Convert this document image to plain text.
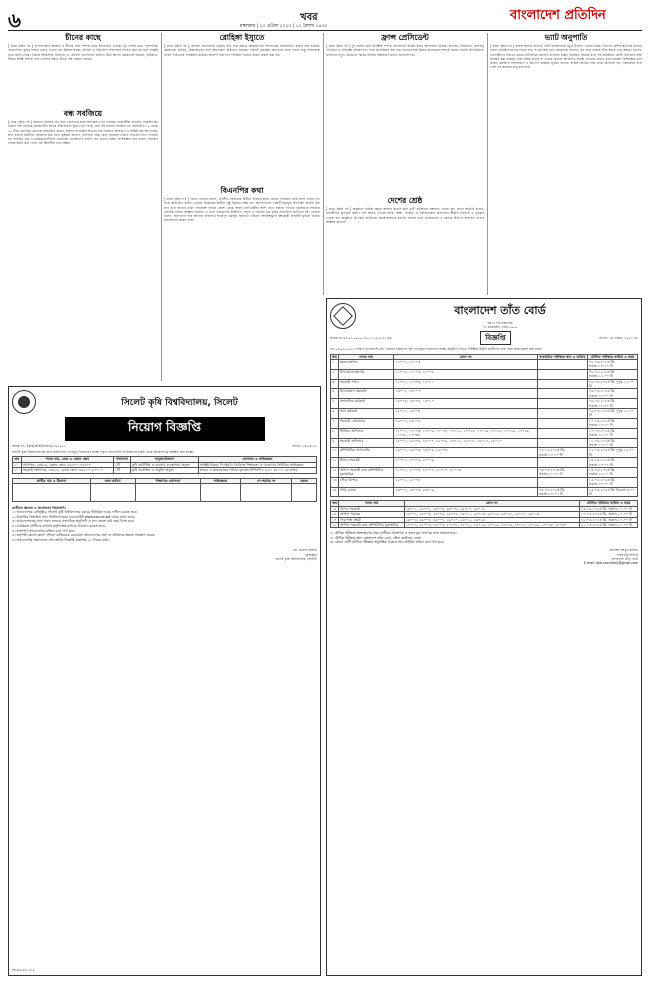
৬	খবর
মঙ্গলবার | ২৫ এপ্রিল ২০২৩ | ১২ বৈশাখ ১৪৩০
বাংলাদেশ প্রতিদিন
চীনের কাছে
[ প্রথম পৃষ্ঠার পর ] বাংলাদেশের অবস্থান ও চীনের সঙ্গে সম্পর্ক নিয়ে আলোচনা হয়েছে। দুই দেশের মধ্যে পারস্পরিক সহযোগিতা বৃদ্ধির বিষয়ে গুরুত্ব দেওয়া হয়। উন্নয়ন প্রকল্প, বাণিজ্য ও বিনিয়োগ সম্প্রসারণ নিয়েও কথা হয় বলে সংশ্লিষ্ট সূত্রে জানা গেছে। বৈঠকে আঞ্চলিক নিরাপত্তা ও রোহিঙ্গা প্রত্যাবাসন প্রসঙ্গও উঠে আসে। কর্মকর্তারা জানান, ভবিষ্যতে আরও ঘনিষ্ঠ সম্পর্ক গড়ে তোলার বিষয়ে উভয় পক্ষ একমত হয়েছে।
বন্ধ সবজিয়ে
[ প্রথম পৃষ্ঠার পর ] বাজারে সবজির দাম নিয়ে ক্রেতাদের মধ্যে অসন্তোষ দেখা দিয়েছে। ব্যবসায়ীরা বলছেন, সরবরাহ কম থাকায় দাম বেড়েছে। রাজধানীর বিভিন্ন কাঁচাবাজার ঘুরে দেখা গেছে, প্রায় সব ধরনের সবজির দাম কেজিপ্রতি ১০ থেকে ২০ টাকা বেড়েছে। ক্রেতারা অভিযোগ করেন, বাজার তদারকির অভাবে দাম নিয়ন্ত্রণে আসছে না। সংশ্লিষ্ট কর্তৃপক্ষ বলছে, দ্রুত বাজার মনিটরিং জোরদার করা হবে। কৃষকরা জানান, উৎপাদন খরচ বেড়ে যাওয়ায় তারাও লাভবান হতে পারছেন না। পরিবহন ব্যয় ও মধ্যস্বত্বভোগীদের দৌরাত্ম্যে ভোক্তাদের বাড়তি দাম গুনতে হচ্ছে। বিশেষজ্ঞরা মনে করেন, সরবরাহ ব্যবস্থা উন্নত করা গেলে দাম স্থিতিশীল রাখা সম্ভব।
রোহিঙ্গা ইস্যুতে
[ প্রথম পৃষ্ঠার পর ] রোহিঙ্গা প্রত্যাবাসন প্রক্রিয়া দ্রুত শুরু করতে আন্তর্জাতিক সম্প্রদায়ের সহযোগিতা কামনা করা হয়েছে। কর্মকর্তারা জানান, মিয়ানমারের সঙ্গে আলোচনা অব্যাহত রয়েছে। পাইলট প্রকল্পের আওতায় প্রথম দফায় কিছু পরিবারকে ফেরত পাঠানোর পরিকল্পনা রয়েছে। ক্যাম্পে নিরাপত্তা পরিস্থিতি নিয়েও উদ্বেগ প্রকাশ করা হয়।
বিএনপির কথা
[ প্রথম পৃষ্ঠার পর ] দলের নেতারা বলেন, নির্দলীয় সরকারের অধীনে নির্বাচন ছাড়া কোনো নির্বাচনে তারা অংশ নেবেন না। তারা অভিযোগ করেন, বর্তমান সরকারের অধীনে সুষ্ঠু নির্বাচন সম্ভব নয়। আন্দোলনের পরবর্তী কর্মসূচি শিগগিরই ঘোষণা করা হবে বলে জানান তারা। সমাবেশে বিভিন্ন জেলা থেকে আসা নেতা-কর্মীরা অংশ নেন। বক্তারা গণতন্ত্র পুনরুদ্ধারে সবাইকে ঐক্যবদ্ধ থাকার আহ্বান জানান। এ ছাড়া দ্রব্যমূল্যের ঊর্ধ্বগতি, বিদ্যুৎ ও গ্যাসের দাম বৃদ্ধির প্রতিবাদও জানানো হয়। নেতারা বলেন, জনগণের দাবি আদায়ে রাজপথে শান্তিপূর্ণ কর্মসূচি অব্যাহত থাকবে। আইনশৃঙ্খলা রক্ষাকারী বাহিনীর ভূমিকা নিয়েও সমালোচনা করেন তারা।
ফ্রান্স প্রেসিডেন্ট
[ প্রথম পৃষ্ঠার পর ] দুই দেশের মধ্যে দ্বিপক্ষীয় সম্পর্ক জোরদারে বিভিন্ন বিষয়ে আলোচনা হয়েছে। বাণিজ্য, বিনিয়োগ, জলবায়ু পরিবর্তন ও প্রতিরক্ষা সহযোগিতা নিয়ে মতবিনিময় করা হয়। বাংলাদেশের উন্নয়ন অগ্রযাত্রার প্রশংসা করেন ফরাসি প্রতিনিধিরা। ভবিষ্যতে নতুন সমঝোতা স্মারক সইয়ের সম্ভাবনার কথাও জানানো হয়।
দেশের শ্রেষ্ঠ
[ প্রথম পৃষ্ঠার পর ] অনুষ্ঠানে বিভিন্ন ক্ষেত্রে অবদান রাখার জন্য কৃতী ব্যক্তিদের সম্মাননা দেওয়া হয়। প্রধান অতিথি বলেন, মেধাবীদের মূল্যায়ন করলে দেশ আরও এগিয়ে যাবে। শিক্ষা, সংস্কৃতি ও সমাজসেবায় অবদানের স্বীকৃতি হিসেবে এ পুরস্কার দেওয়া হয়। অনুষ্ঠানে উপস্থিত অতিথিরা আয়োজকদের ধন্যবাদ জানান এবং ভবিষ্যতেও এ ধরনের উদ্যোগ অব্যাহত রাখার আহ্বান জানান।
ভ্যাট অনুপাতি
[ প্রথম পৃষ্ঠার পর ] রাজস্ব আদায় বাড়াতে ভ্যাট ব্যবস্থাপনায় নতুন উদ্যোগ নেওয়া হচ্ছে। ইএফডি মেশিন স্থাপনের মাধ্যমে ব্যবসা প্রতিষ্ঠানগুলোর বিক্রয় তথ্য সংগ্রহ করা হবে। কর্মকর্তারা জানান, এর ফলে রাজস্ব ফাঁকি কমবে এবং স্বচ্ছতা বাড়বে। ব্যবসায়ীদের সচেতন করতে মাঠপর্যায়ে প্রচারণা চালানো হচ্ছে। নির্ধারিত সময়ের মধ্যে সব প্রতিষ্ঠানে মেশিন বসানোর লক্ষ্য নির্ধারণ করা হয়েছে। যারা নিয়ম মানবে না তাদের বিরুদ্ধে আইনগত ব্যবস্থা নেওয়ার কথাও বলা হয়েছে। বিশেষজ্ঞরা মনে করেন, করজাল সম্প্রসারণে এ উদ্যোগ কার্যকর ভূমিকা রাখবে। রাজস্ব বোর্ডের পক্ষ থেকে জানানো হয়, পর্যায়ক্রমে সারা দেশে এই কার্যক্রম চালু করা হবে।
বাংলাদেশ তাঁত বোর্ড
বস্ত্র ও পাট মন্ত্রণালয়
৭৩ কাকরাইল, ঢাকা-১০০০
স্মারক নং-২৪.০৫.০০০০.৫৩০.১১.০১৩.২৩-৪৬	বিজ্ঞপ্তি	তারিখ: ২৪ এপ্রিল, ২০২৩ খ্রি.
গত ০৯-০৩-২০২৩ তারিখে বাংলাদেশ তাঁত বোর্ডের নিম্নবর্ণিত শূন্য পদসমূহে নিয়োগের লক্ষ্যে অনুষ্ঠিত লিখিত পরীক্ষায় উত্তীর্ণ প্রার্থীদের রোল নম্বর নিম্নে প্রকাশ করা হলো:
ক্রম	পদের নাম	রোল নং	ব্যবহারিক পরীক্ষার স্থান ও তারিখ	মৌখিক পরীক্ষার তারিখ ও সময়
১	মহাব্যবস্থাপক	১০০০১, ১০০০৩		০৮.০৫.২০২৩ খ্রি. সকাল-১০.০০ টা
২	উপ-মহাব্যবস্থাপক	১১০০৪, ১১০০৫, ১১০০৯		০৮.০৫.২০২৩ খ্রি. সকাল-১১.০০ টা
৩	সহকারী সচিব	১২০০১, ১২০০৬, ১২০১১		০৮.০৫.২০২৩ খ্রি. দুপুর-১২.০০ টা
৪	হিসাবরক্ষণ কর্মকর্তা	১৩০০২, ১৩০০৭		০৯.০৫.২০২৩ খ্রি. সকাল-১০.০০ টা
৫	প্রশাসনিক কর্মকর্তা	১৪০০৩, ১৪০০৮, ১৪০১০		০৯.০৫.২০২৩ খ্রি. সকাল-১১.০০ টা
৬	তথ্য কর্মকর্তা	১৫০০১, ১৫০০৪		০৯.০৫.২০২৩ খ্রি. দুপুর-১২.০০ টা
৭	সহকারী প্রোগ্রামার	১৬০০২, ১৬০০৫		১০.০৫.২০২৩ খ্রি. সকাল-১০.০০ টা
৮	সিনিয়র অফিসার	১৭০০১, ১৭০০৩, ১৭০০৬, ১৭০০৮, ১৭০১২, ১৭০১৫, ১৭০১৯, ১৭০২২, ১৭০২৫, ১৭০২৮, ১৭০৩১, ১৭০৩৪		১০.০৫.২০২৩ খ্রি. সকাল-১১.০০ টা
৯	সহকারী অফিসার	১৮০০২, ১৮০০৪, ১৮০০৭, ১৮০০৯, ১৮০১১, ১৮০১৪, ১৮০১৭, ১৮০২০		১১.০৫.২০২৩ খ্রি. সকাল-১০.০০ টা
১০	কম্পিউটার অপারেটর	১৯০০১, ১৯০০৩, ১৯০০৫, ১৯০০৮	০২.০৫.২০২৩ খ্রি. সকাল-১০.০০ টা	১১.০৫.২০২৩ খ্রি. দুপুর-১২.০০ টা
১১	হিসাব সহকারী	২০০০২, ২০০০৬, ২০০০৯		১৪.০৫.২০২৩ খ্রি. সকাল-১০.০০ টা
১২	অফিস সহকারী কাম কম্পিউটার মুদ্রাক্ষরিক	২১০০১, ২১০০৪, ২১০০৭, ২১০১০, ২১০১৩	০৩.০৫.২০২৩ খ্রি. সকাল-১০.০০ টা	১৪.০৫.২০২৩ খ্রি. সকাল-১১.০০ টা
১৩	স্টোর কিপার	২২০০২, ২২০০৫		১৫.০৫.২০২৩ খ্রি. সকাল-১০.০০ টা
১৪	গাড়ি চালক	২৩০০১, ২৩০০৩, ২৩০০৬	০৪.০৫.২০২৩ খ্রি. সকাল-১০.০০ টা	১৫.০৫.২০২৩ খ্রি. বিকাল-৩.০০ টা
ক্রম	পদের নাম	রোল নং	মৌখিক পরীক্ষার তারিখ ও সময়
১৫	হিসাব সহকারী	২৪০০১, ২৪০০২, ২৪০০৫, ২৪০০৮, ২৪০১০, ২৪০১২	১৬.০৫.২০২৩ খ্রি. সকাল-১০.০০ টা
১৬	অফিস সহায়ক	২৫০০১, ২৫০০৩, ২৫০০৬, ২৫০০৯, ২৫০১১, ২৫০১৩, ২৫০১৬, ২৫০১৮, ২৫০২০, ২৫০২৩	১৭.০৫.২০২৩ খ্রি. সকাল-১০.০০ টা
১৭	নিরাপত্তা প্রহরী	২৬০০২, ২৬০০৪, ২৬০০৭, ২৬০১০, ২৬০১২, ২৬০১৫	১৮.০৫.২০২৩ খ্রি. সকাল-১০.০০ টা
১৮	অফিস সহকারী কাম কম্পিউটার মুদ্রাক্ষরিক	২৭০০১, ২৭০০৩, ২৭০০৫, ২৭০০৮, ২৭০১১, ২৭০১৪, ২৭০১৬, ২৭০১৯, ২৭০২২, ২৭০২৫, ২৭০২৮, ২৭০৩০	২১.০৫.২০২৩ খ্রি. সকাল-১০.০০ টা
১। মৌখিক পরীক্ষায় অংশগ্রহণের সময় প্রার্থীকে প্রবেশপত্র ও সকল মূল সনদপত্র সঙ্গে আনতে হবে।
২। মৌখিক পরীক্ষার স্থান: বাংলাদেশ তাঁত বোর্ড, প্রধান কার্যালয়, ঢাকা।
৩। কোনো প্রার্থী মৌখিক পরীক্ষায় অনুপস্থিত থাকলে তার প্রার্থিতা বাতিল বলে গণ্য হবে।
মোহাম্মদ আবুল কালাম
সচিব (উপসচিব)
বাংলাদেশ তাঁত বোর্ড
E-mail: bhb.secretary@gmail.com
সিলেট কৃষি বিশ্ববিদ্যালয়, সিলেট
নিয়োগ বিজ্ঞপ্তি
স্মারক নং- সকৃবি/রেজি/নিয়োগ/০৫/২০২৩	তারিখ: ২৪-০৪-২৩
সিলেট কৃষি বিশ্ববিদ্যালয়ের জন্য নিম্নলিখিত পদসমূহে নিয়োগের লক্ষ্যে প্রকৃত বাংলাদেশি নাগরিকদের নিকট থেকে আবেদনপত্র আহ্বান করা যাচ্ছে:
ক্রম	পদের নাম, গ্রেড ও বেতন স্কেল	পদসংখ্যা	অনুষদ/বিভাগ	যোগ্যতা ও অভিজ্ঞতা
১।	অধ্যাপক, গ্রেড-৩, বেতন স্কেল: ৫৬৫০০-৭৪৪০০	১টি	কৃষি অর্থনীতি ও ব্যবসায় ব্যবস্থাপনা অনুষদ	সংশ্লিষ্ট বিষয়ে পিএইচডি ডিগ্রিসহ শিক্ষকতা ও গবেষণায় নির্ধারিত অভিজ্ঞতা
২।	সহকারী অধ্যাপক, গ্রেড-৬, বেতন স্কেল: ৩৫৫০০-৬৭০১০	১টি	কৃষি প্রকৌশল ও প্রযুক্তি অনুষদ	স্নাতক ও স্নাতকোত্তর পর্যায়ে ন্যূনতম সিজিপিএ ৩.৫০ (৪.০০ এর মধ্যে)
প্রার্থীর নাম ও ঠিকানা	জন্ম তারিখ	শিক্ষাগত যোগ্যতা	অভিজ্ঞতা	পে-অর্ডার নং	মন্তব্য

প্রার্থীদের জ্ঞাতব্য ও আবেদনের নিয়মাবলি:
১। আবেদনপত্র রেজিস্ট্রার, সিলেট কৃষি বিশ্ববিদ্যালয় বরাবর নির্ধারিত ফরমে দাখিল করতে হবে।
২। বিজ্ঞপ্তির বিস্তারিত তথ্য বিশ্ববিদ্যালয়ের ওয়েবসাইট www.sau.ac.bd থেকে জানা যাবে।
৩। আবেদনপত্রের সঙ্গে সকল সনদের সত্যায়িত অনুলিপি ও সদ্য তোলা ছবি জমা দিতে হবে।
৪। চাকরিরত প্রার্থীদের যথাযথ কর্তৃপক্ষের মাধ্যমে আবেদন করতে হবে।
৫। অসম্পূর্ণ আবেদনপত্র বাতিল বলে গণ্য হবে।
৬। কর্তৃপক্ষ কোনো কারণ দর্শানো ব্যতিরেকে যেকোনো আবেদনপত্র গ্রহণ বা বাতিলের ক্ষমতা সংরক্ষণ করেন।
৭। আবেদনপত্র জমাদানের শেষ তারিখ বিজ্ঞপ্তি প্রকাশের ২১ দিনের মধ্যে।
মো. বদরুল ইসলাম
রেজিস্ট্রার
সিলেট কৃষি বিশ্ববিদ্যালয়, সিলেট।
জি-৪৬১/২৩ (১৫
